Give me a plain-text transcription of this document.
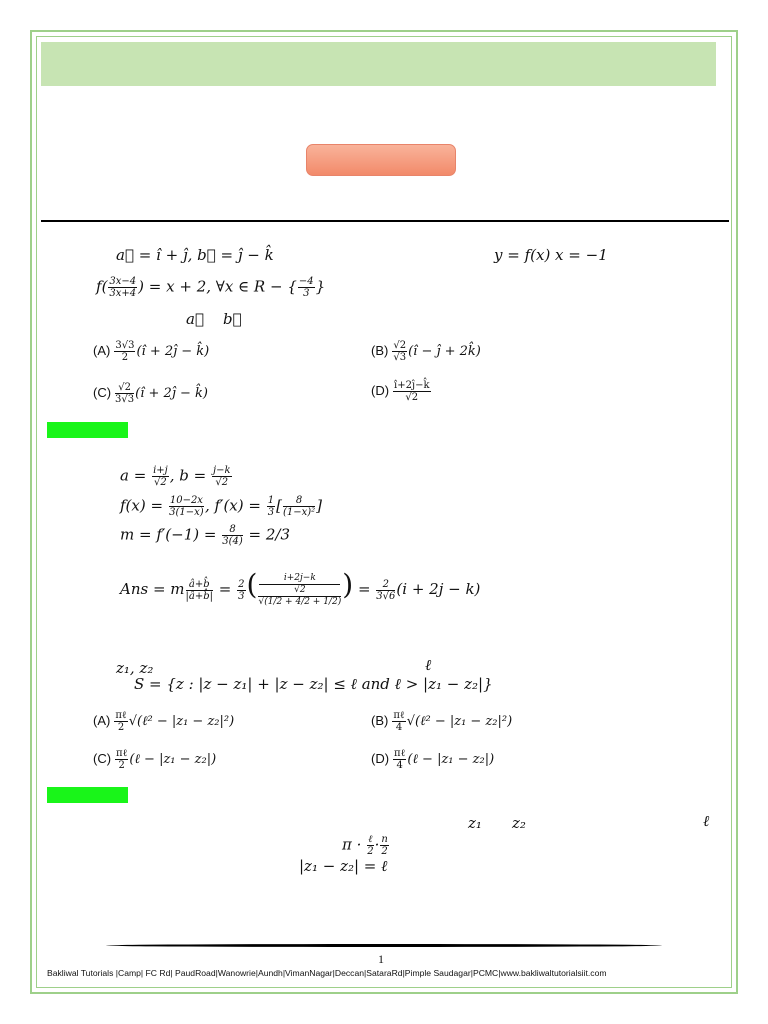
a⃗ = î + ĵ, b⃗ = ĵ − k̂	y = f(x) x = −1
$f( \frac{3x-4}{3x+4}$ ) = x + 2, ∀x ∈ R − { $\frac{-4}{3}$ }
a⃗ b⃗
$(A) \frac{3√3}{2}$ (î + 2ĵ − k̂)	$(B) \frac{√2}{√3}$ (î − ĵ + 2k̂)
$(C) \frac{√2}{3√3}$ (î + 2ĵ − k̂)	$(D) \frac{î+2ĵ-k̂}{√2}$
$a = \frac{i+j}{√2}$ , $b = \frac{j-k}{√2}$
$f(x) = \frac{10-2x}{3(1-x)}$ , $f'(x) = \frac{1}{3}$ [ $\frac{8}{\text{(1−x)²}}$ ]
$m = f'(-1) = \frac{8}{3(4)} = 2/3$
Ans = m $\frac{â+b̂}{|â+b̂|} = \frac{2}{3}$ ( i+2j−k
√2
√(1/2 + 4/2 + 1/2) ) = $\frac{2}{3√6} (i + 2j - k)$
z₁, z₂	ℓ
S = {z : |z − z₁| + |z − z₂| ≤ ℓ and ℓ > |z₁ − z₂|}
$(A) \frac{\text{πℓ}}{2}$ √(ℓ² − |z₁ − z₂|²)	$(B) \frac{\text{πℓ}}{4}$ √(ℓ² − |z₁ − z₂|²)
$(C) \frac{\text{πℓ}}{2}$ (ℓ − |z₁ − z₂|)	$(D) \frac{\text{πℓ}}{4}$ (ℓ − |z₁ − z₂|)
z₁ z₂	ℓ
$\pi \cdot \frac{\text{ℓ}}{2} \cdot \frac{n}{2}$
|z₁ − z₂| = ℓ
1
Bakliwal Tutorials |Camp| FC Rd| PaudRoad|Wanowrie|Aundh|VimanNagar|Deccan|SataraRd|Pimple Saudagar|PCMC|www.bakliwaltutorialsiit.com
